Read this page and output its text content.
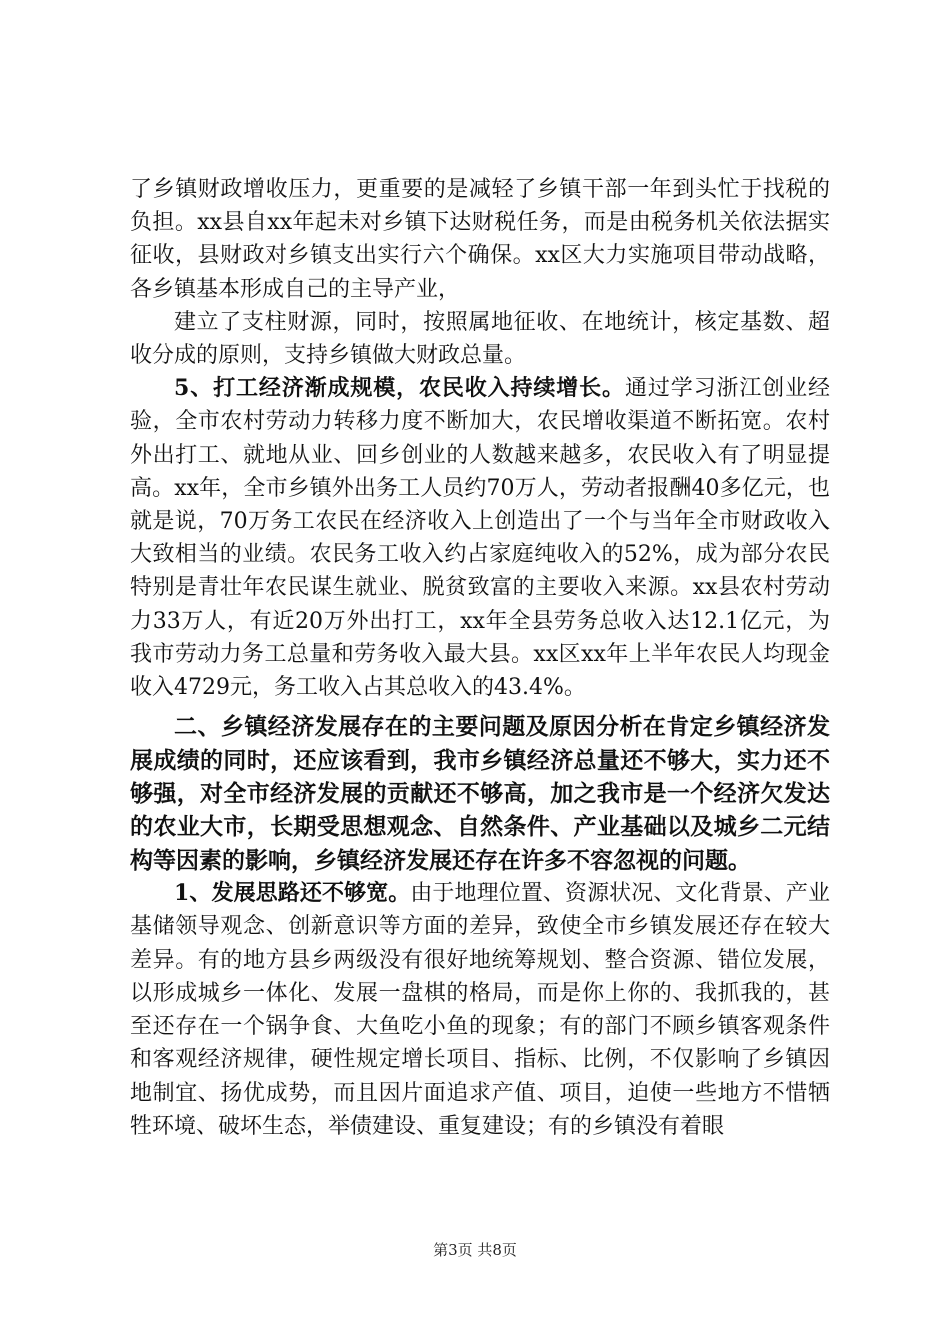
了乡镇财政增收压力，更重要的是减轻了乡镇干部一年到头忙于找税的负担。xx县自xx年起未对乡镇下达财税任务，而是由税务机关依法据实征收，县财政对乡镇支出实行六个确保。xx区大力实施项目带动战略，各乡镇基本形成自己的主导产业，

建立了支柱财源，同时，按照属地征收、在地统计，核定基数、超收分成的原则，支持乡镇做大财政总量。

5、打工经济渐成规模，农民收入持续增长。通过学习浙江创业经验，全市农村劳动力转移力度不断加大，农民增收渠道不断拓宽。农村外出打工、就地从业、回乡创业的人数越来越多，农民收入有了明显提高。xx年，全市乡镇外出务工人员约70万人，劳动者报酬40多亿元，也就是说，70万务工农民在经济收入上创造出了一个与当年全市财政收入大致相当的业绩。农民务工收入约占家庭纯收入的52%，成为部分农民特别是青壮年农民谋生就业、脱贫致富的主要收入来源。xx县农村劳动力33万人，有近20万外出打工，xx年全县劳务总收入达12.1亿元，为我市劳动力务工总量和劳务收入最大县。xx区xx年上半年农民人均现金收入4729元，务工收入占其总收入的43.4%。

二、乡镇经济发展存在的主要问题及原因分析在肯定乡镇经济发展成绩的同时，还应该看到，我市乡镇经济总量还不够大，实力还不够强，对全市经济发展的贡献还不够高，加之我市是一个经济欠发达的农业大市，长期受思想观念、自然条件、产业基础以及城乡二元结构等因素的影响，乡镇经济发展还存在许多不容忽视的问题。

1、发展思路还不够宽。由于地理位置、资源状况、文化背景、产业基储领导观念、创新意识等方面的差异，致使全市乡镇发展还存在较大差异。有的地方县乡两级没有很好地统筹规划、整合资源、错位发展，以形成城乡一体化、发展一盘棋的格局，而是你上你的、我抓我的，甚至还存在一个锅争食、大鱼吃小鱼的现象；有的部门不顾乡镇客观条件和客观经济规律，硬性规定增长项目、指标、比例，不仅影响了乡镇因地制宜、扬优成势，而且因片面追求产值、项目，迫使一些地方不惜牺牲环境、破坏生态，举债建设、重复建设；有的乡镇没有着眼

第3页 共8页
